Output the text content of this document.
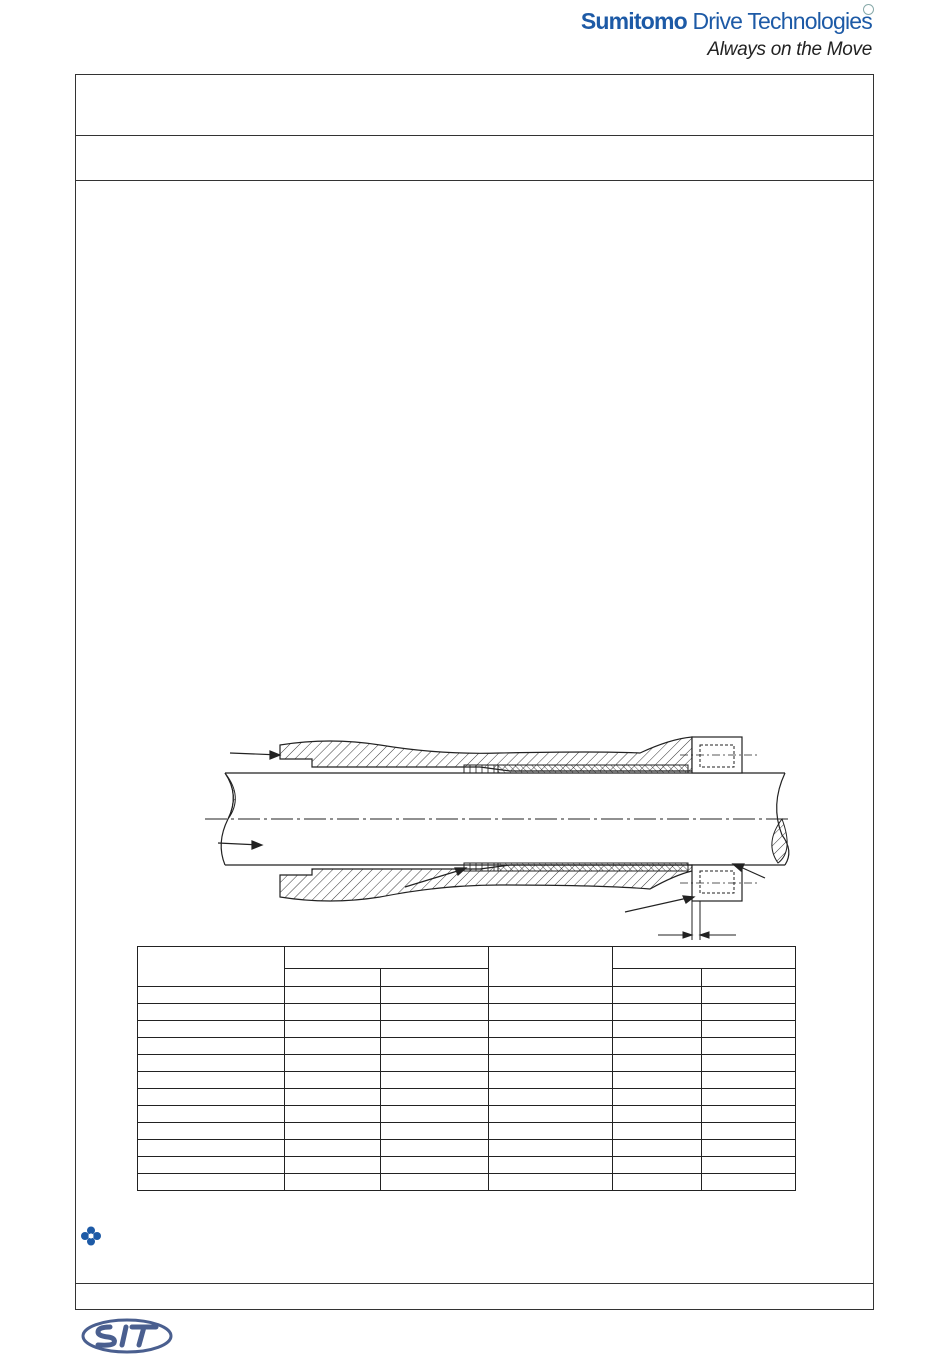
Sumitomo Drive Technologies
Always on the Move
